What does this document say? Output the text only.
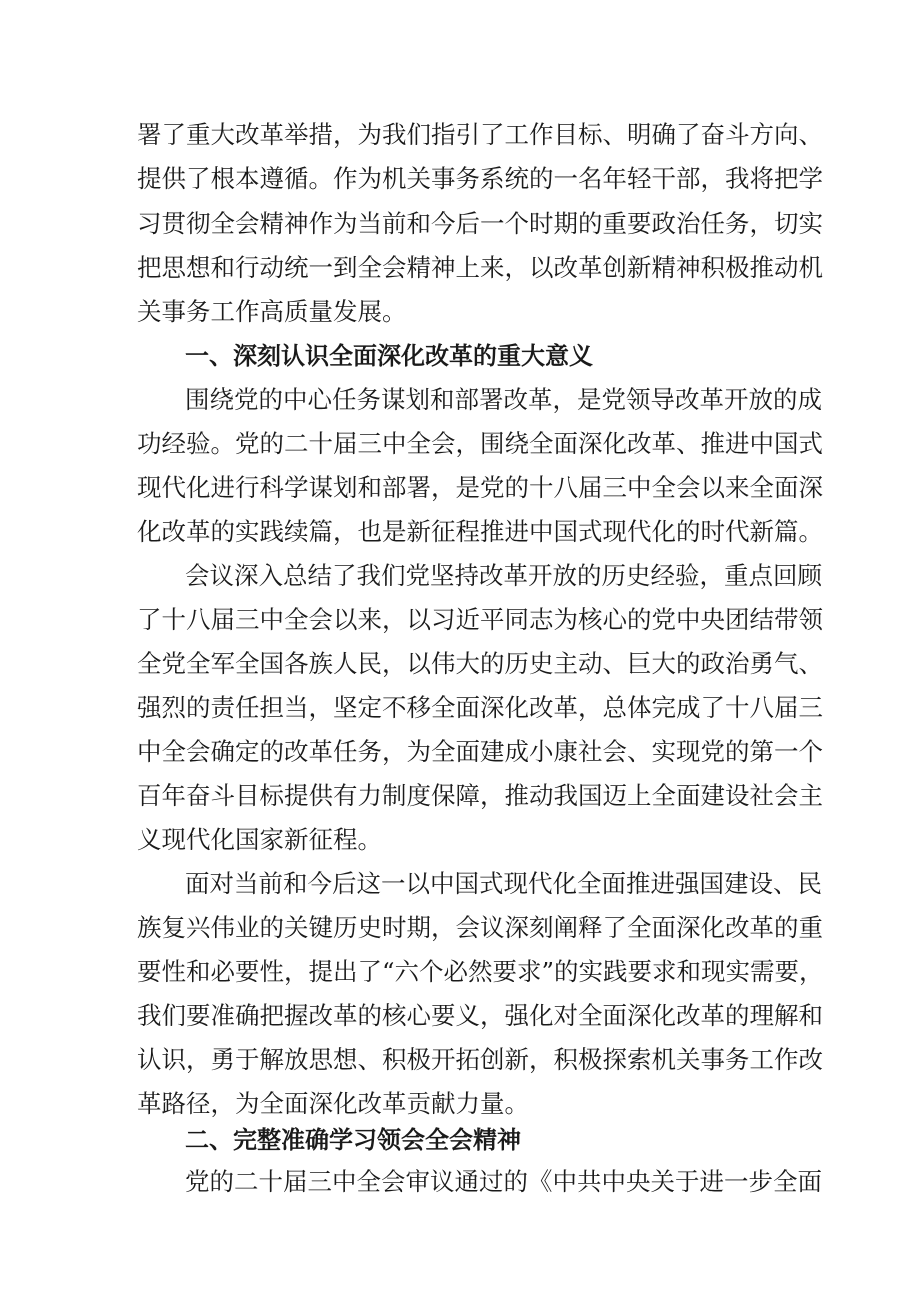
署了重大改革举措，为我们指引了工作目标、明确了奋斗方向、
提供了根本遵循。作为机关事务系统的一名年轻干部，我将把学
习贯彻全会精神作为当前和今后一个时期的重要政治任务，切实
把思想和行动统一到全会精神上来，以改革创新精神积极推动机
关事务工作高质量发展。
一、深刻认识全面深化改革的重大意义
围绕党的中心任务谋划和部署改革，是党领导改革开放的成
功经验。党的二十届三中全会，围绕全面深化改革、推进中国式
现代化进行科学谋划和部署，是党的十八届三中全会以来全面深
化改革的实践续篇，也是新征程推进中国式现代化的时代新篇。
会议深入总结了我们党坚持改革开放的历史经验，重点回顾
了十八届三中全会以来，以习近平同志为核心的党中央团结带领
全党全军全国各族人民，以伟大的历史主动、巨大的政治勇气、
强烈的责任担当，坚定不移全面深化改革，总体完成了十八届三
中全会确定的改革任务，为全面建成小康社会、实现党的第一个
百年奋斗目标提供有力制度保障，推动我国迈上全面建设社会主
义现代化国家新征程。
面对当前和今后这一以中国式现代化全面推进强国建设、民
族复兴伟业的关键历史时期，会议深刻阐释了全面深化改革的重
要性和必要性，提出了“六个必然要求”的实践要求和现实需要，
我们要准确把握改革的核心要义，强化对全面深化改革的理解和
认识，勇于解放思想、积极开拓创新，积极探索机关事务工作改
革路径，为全面深化改革贡献力量。
二、完整准确学习领会全会精神
党的二十届三中全会审议通过的《中共中央关于进一步全面
